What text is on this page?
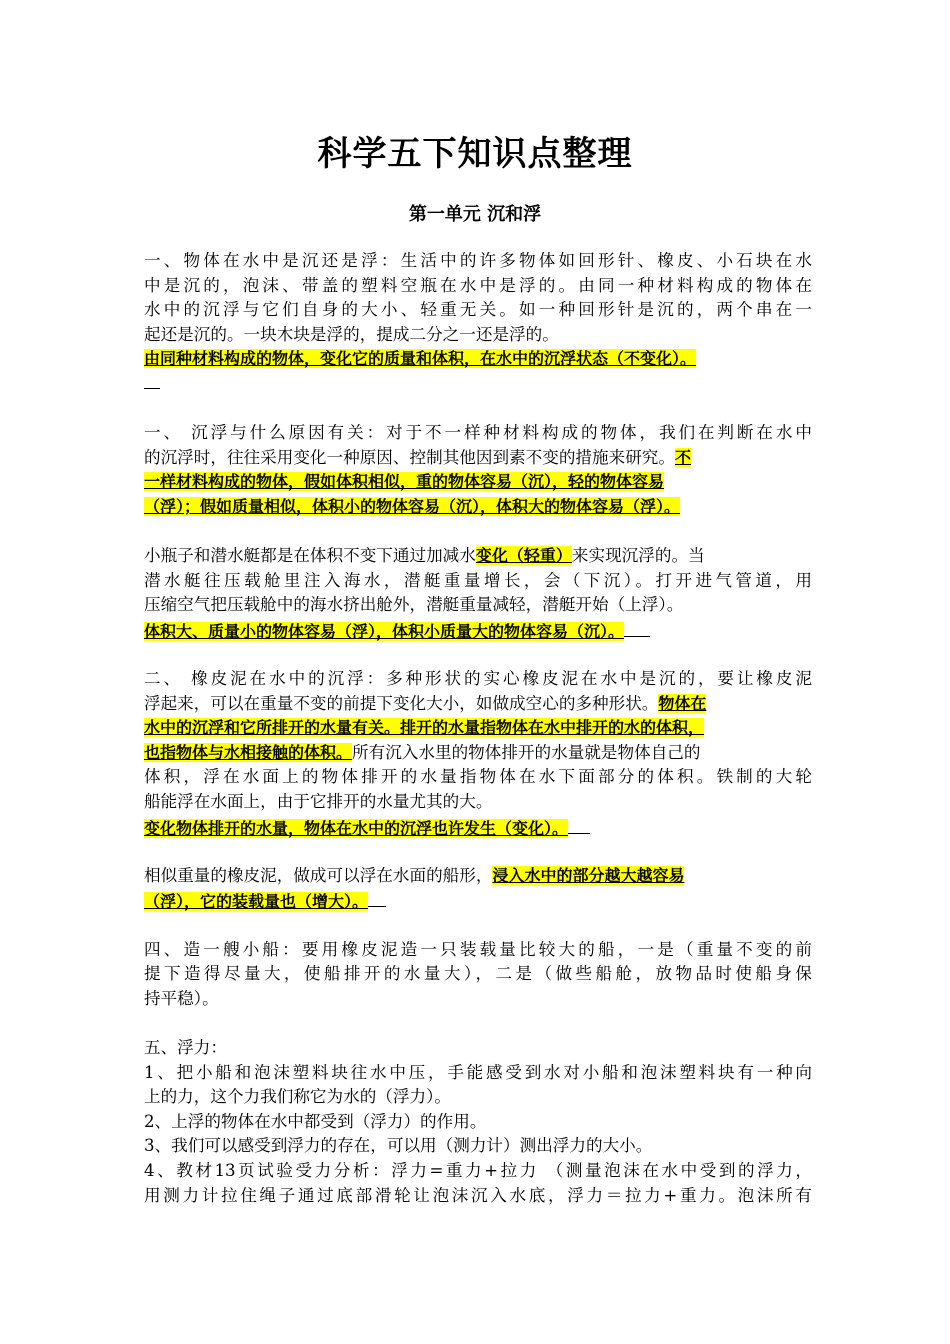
科学五下知识点整理
第一单元 沉和浮
一、物体在水中是沉还是浮：生活中的许多物体如回形针、橡皮、小石块在水
中是沉的，泡沫、带盖的塑料空瓶在水中是浮的。由同一种材料构成的物体在
水中的沉浮与它们自身的大小、轻重无关。如一种回形针是沉的，两个串在一
起还是沉的。一块木块是浮的，提成二分之一还是浮的。
由同种材料构成的物体，变化它的质量和体积，在水中的沉浮状态（不变化）。
一、 沉浮与什么原因有关：对于不一样种材料构成的物体，我们在判断在水中
的沉浮时，往往采用变化一种原因、控制其他因到素不变的措施来研究。不
一样材料构成的物体，假如体积相似，重的物体容易（沉），轻的物体容易
（浮）；假如质量相似，体积小的物体容易（沉），体积大的物体容易（浮）。
小瓶子和潜水艇都是在体积不变下通过加减水变化（轻重）来实现沉浮的。当
潜水艇往压载舱里注入海水，潜艇重量增长，会（下沉）。打开进气管道，用
压缩空气把压载舱中的海水挤出舱外，潜艇重量减轻，潜艇开始（上浮）。
体积大、质量小的物体容易（浮），体积小质量大的物体容易（沉）。
二、 橡皮泥在水中的沉浮：多种形状的实心橡皮泥在水中是沉的，要让橡皮泥
浮起来，可以在重量不变的前提下变化大小，如做成空心的多种形状。物体在
水中的沉浮和它所排开的水量有关。排开的水量指物体在水中排开的水的体积，
也指物体与水相接触的体积。所有沉入水里的物体排开的水量就是物体自己的
体积，浮在水面上的物体排开的水量指物体在水下面部分的体积。铁制的大轮
船能浮在水面上，由于它排开的水量尤其的大。
变化物体排开的水量，物体在水中的沉浮也许发生（变化）。
相似重量的橡皮泥，做成可以浮在水面的船形，浸入水中的部分越大越容易
（浮），它的装载量也（增大）。
四、造一艘小船：要用橡皮泥造一只装载量比较大的船，一是（重量不变的前
提下造得尽量大，使船排开的水量大），二是（做些船舱，放物品时使船身保
持平稳）。
五、浮力：
1、把小船和泡沫塑料块往水中压，手能感受到水对小船和泡沫塑料块有一种向
上的力，这个力我们称它为水的（浮力）。
2、上浮的物体在水中都受到（浮力）的作用。
3、我们可以感受到浮力的存在，可以用（测力计）测出浮力的大小。
4、教材13页试验受力分析：浮力=重力+拉力 （测量泡沫在水中受到的浮力，
用测力计拉住绳子通过底部滑轮让泡沫沉入水底，浮力＝拉力+重力。泡沫所有
